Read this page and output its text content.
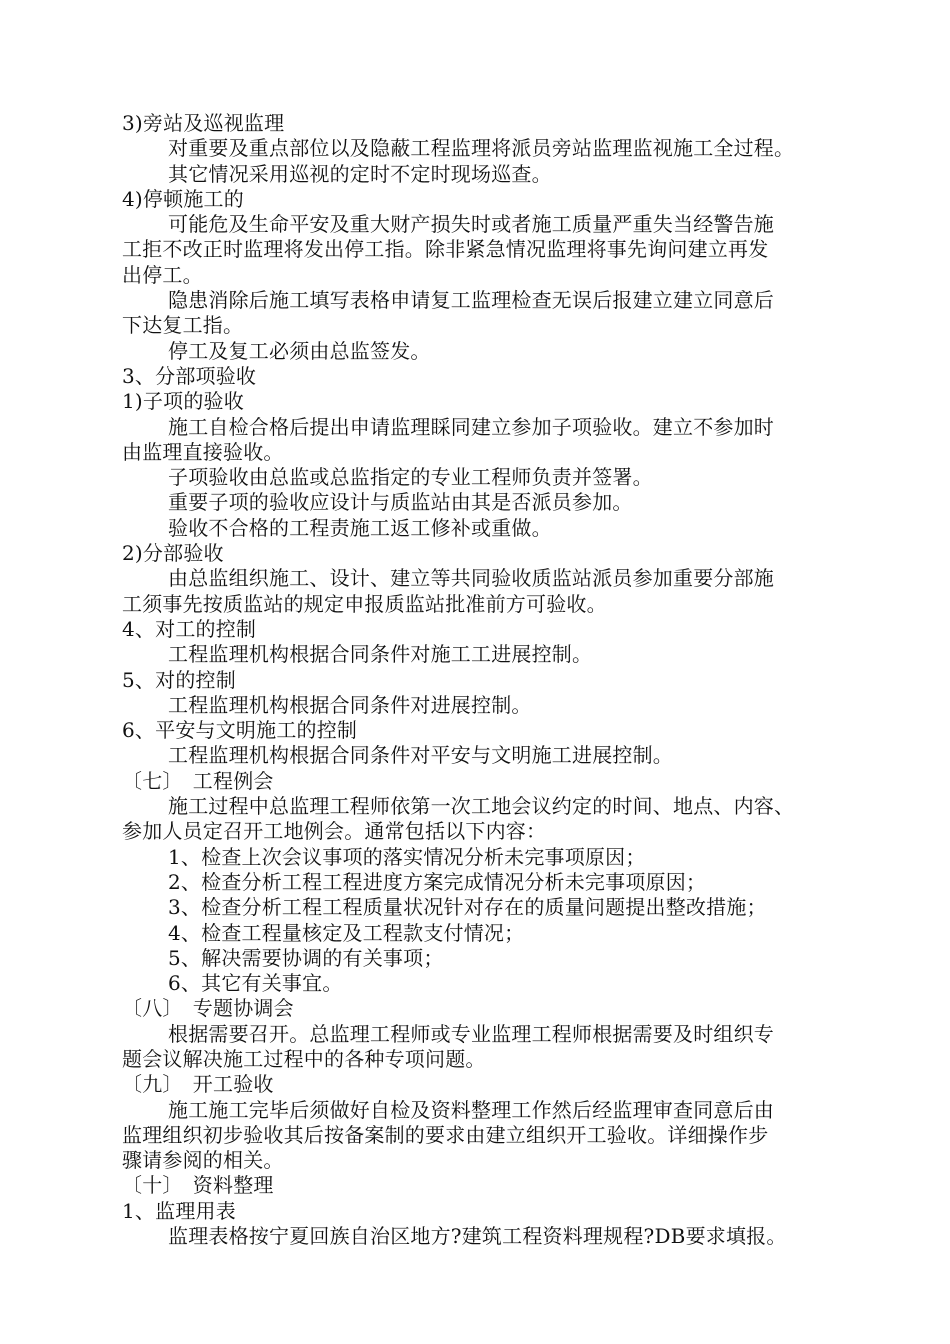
3)旁站及巡视监理
对重要及重点部位以及隐蔽工程监理将派员旁站监理监视施工全过程。
其它情况采用巡视的定时不定时现场巡查。
4)停顿施工的
可能危及生命平安及重大财产损失时或者施工质量严重失当经警告施
工拒不改正时监理将发出停工指。除非紧急情况监理将事先询问建立再发
出停工。
隐患消除后施工填写表格申请复工监理检查无误后报建立建立同意后
下达复工指。
停工及复工必须由总监签发。
3、分部项验收
1)子项的验收
施工自检合格后提出申请监理睬同建立参加子项验收。建立不参加时
由监理直接验收。
子项验收由总监或总监指定的专业工程师负责并签署。
重要子项的验收应设计与质监站由其是否派员参加。
验收不合格的工程责施工返工修补或重做。
2)分部验收
由总监组织施工、设计、建立等共同验收质监站派员参加重要分部施
工须事先按质监站的规定申报质监站批准前方可验收。
4、对工的控制
工程监理机构根据合同条件对施工工进展控制。
5、对的控制
工程监理机构根据合同条件对进展控制。
6、平安与文明施工的控制
工程监理机构根据合同条件对平安与文明施工进展控制。
〔七〕　工程例会
施工过程中总监理工程师依第一次工地会议约定的时间、地点、内容、
参加人员定召开工地例会。通常包括以下内容：
1、检查上次会议事项的落实情况分析未完事项原因；
2、检查分析工程工程进度方案完成情况分析未完事项原因；
3、检查分析工程工程质量状况针对存在的质量问题提出整改措施；
4、检查工程量核定及工程款支付情况；
5、解决需要协调的有关事项；
6、其它有关事宜。
〔八〕　专题协调会
根据需要召开。总监理工程师或专业监理工程师根据需要及时组织专
题会议解决施工过程中的各种专项问题。
〔九〕　开工验收
施工施工完毕后须做好自检及资料整理工作然后经监理审查同意后由
监理组织初步验收其后按备案制的要求由建立组织开工验收。详细操作步
骤请参阅的相关。
〔十〕　资料整理
1、监理用表
监理表格按宁夏回族自治区地方?建筑工程资料理规程?DB要求填报。
